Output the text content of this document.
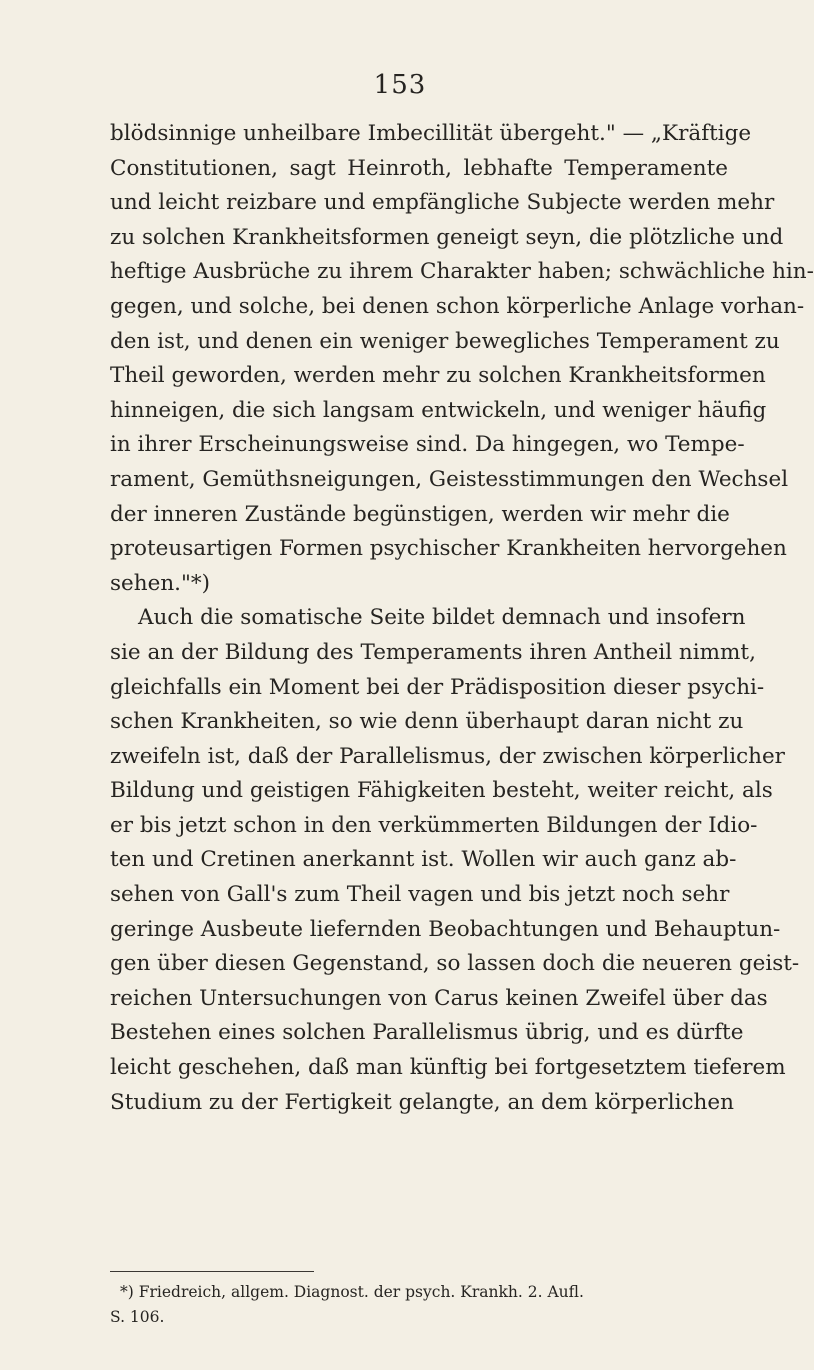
153
blödsinnige unheilbare Imbecillität übergeht." — „Kräftige
Constitutionen, sagt Heinroth, lebhafte Temperamente
und leicht reizbare und empfängliche Subjecte werden mehr
zu solchen Krankheitsformen geneigt seyn, die plötzliche und
heftige Ausbrüche zu ihrem Charakter haben; schwächliche hin-
gegen, und solche, bei denen schon körperliche Anlage vorhan-
den ist, und denen ein weniger bewegliches Temperament zu
Theil geworden, werden mehr zu solchen Krankheitsformen
hinneigen, die sich langsam entwickeln, und weniger häufig
in ihrer Erscheinungsweise sind. Da hingegen, wo Tempe-
rament, Gemüthsneigungen, Geistesstimmungen den Wechsel
der inneren Zustände begünstigen, werden wir mehr die
proteusartigen Formen psychischer Krankheiten hervorgehen
sehen."*)
Auch die somatische Seite bildet demnach und insofern
sie an der Bildung des Temperaments ihren Antheil nimmt,
gleichfalls ein Moment bei der Prädisposition dieser psychi-
schen Krankheiten, so wie denn überhaupt daran nicht zu
zweifeln ist, daß der Parallelismus, der zwischen körperlicher
Bildung und geistigen Fähigkeiten besteht, weiter reicht, als
er bis jetzt schon in den verkümmerten Bildungen der Idio-
ten und Cretinen anerkannt ist. Wollen wir auch ganz ab-
sehen von Gall's zum Theil vagen und bis jetzt noch sehr
geringe Ausbeute liefernden Beobachtungen und Behauptun-
gen über diesen Gegenstand, so lassen doch die neueren geist-
reichen Untersuchungen von Carus keinen Zweifel über das
Bestehen eines solchen Parallelismus übrig, und es dürfte
leicht geschehen, daß man künftig bei fortgesetztem tieferem
Studium zu der Fertigkeit gelangte, an dem körperlichen
*) Friedreich, allgem. Diagnost. der psych. Krankh. 2. Aufl.
S. 106.
